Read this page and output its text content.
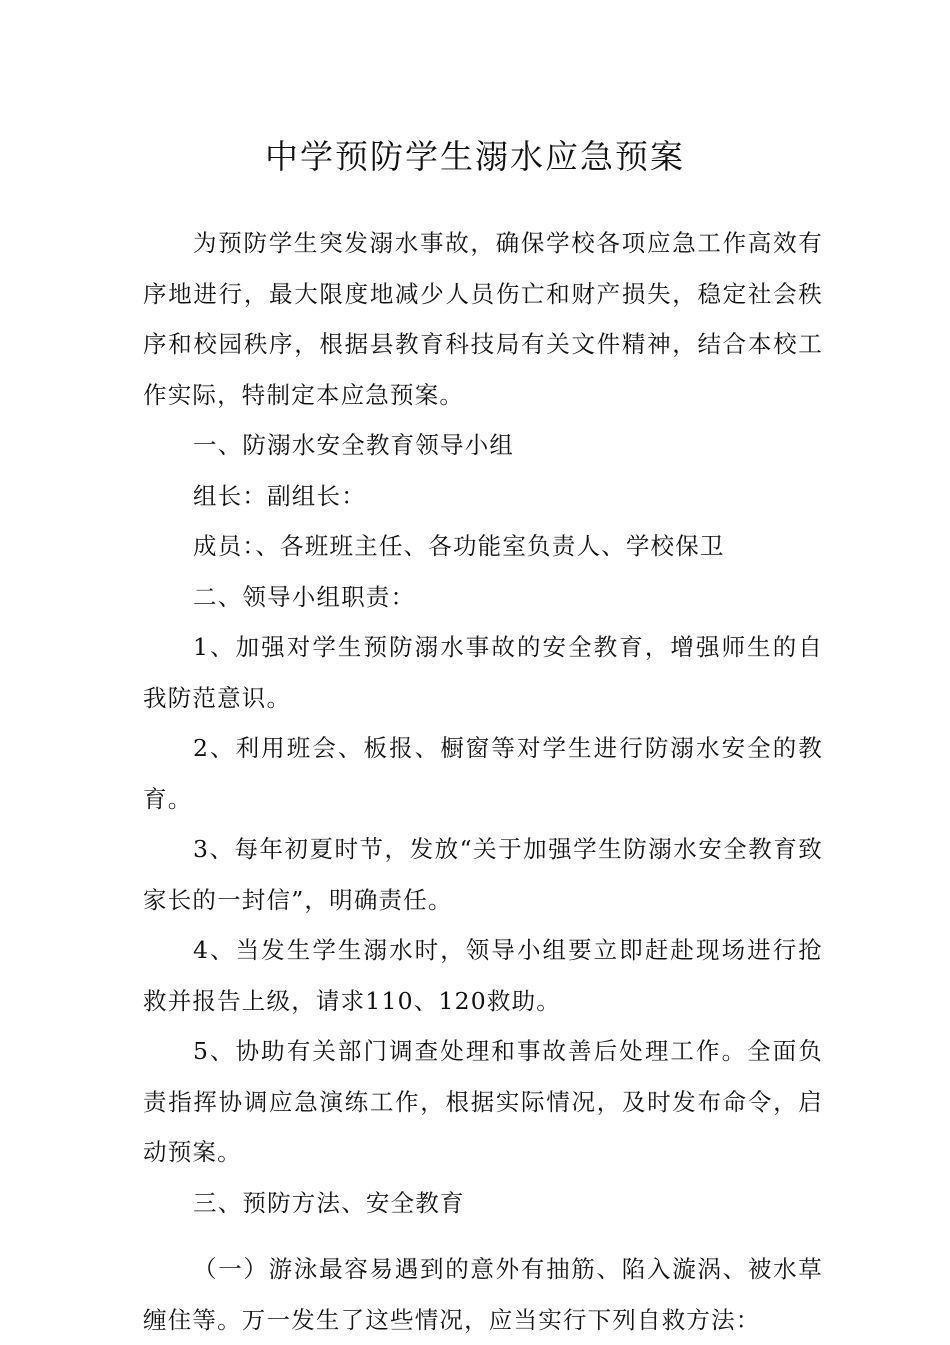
中学预防学生溺水应急预案

为预防学生突发溺水事故，确保学校各项应急工作高效有序地进行，最大限度地减少人员伤亡和财产损失，稳定社会秩序和校园秩序，根据县教育科技局有关文件精神，结合本校工作实际，特制定本应急预案。

一、防溺水安全教育领导小组

组长：副组长：

成员：、各班班主任、各功能室负责人、学校保卫

二、领导小组职责：

1、加强对学生预防溺水事故的安全教育，增强师生的自我防范意识。

2、利用班会、板报、橱窗等对学生进行防溺水安全的教育。

3、每年初夏时节，发放“关于加强学生防溺水安全教育致家长的一封信”，明确责任。

4、当发生学生溺水时，领导小组要立即赶赴现场进行抢救并报告上级，请求110、120救助。

5、协助有关部门调查处理和事故善后处理工作。全面负责指挥协调应急演练工作，根据实际情况，及时发布命令，启动预案。

三、预防方法、安全教育

（一）游泳最容易遇到的意外有抽筋、陷入漩涡、被水草缠住等。万一发生了这些情况，应当实行下列自救方法：
